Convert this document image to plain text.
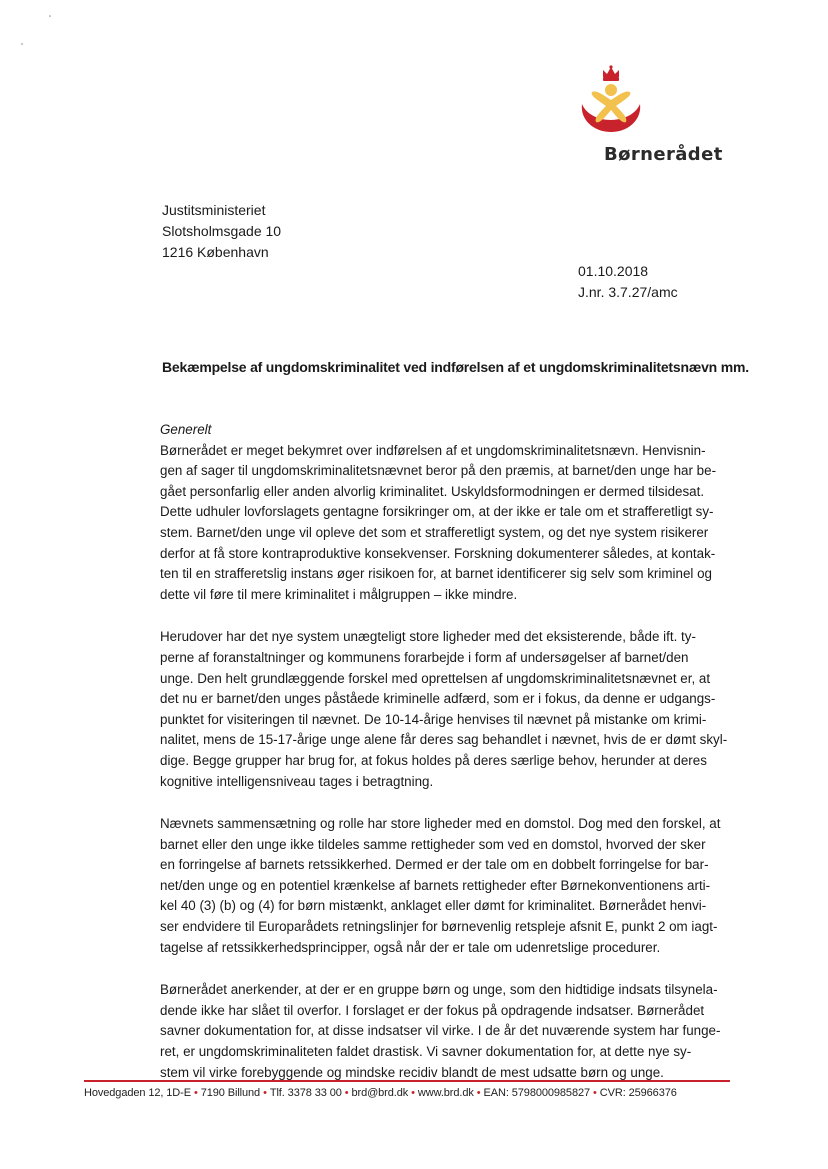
Børnerådet
Justitsministeriet
Slotsholmsgade 10
1216 København
01.10.2018
J.nr. 3.7.27/amc
Bekæmpelse af ungdomskriminalitet ved indførelsen af et ungdomskriminalitetsnævn mm.

Generelt

Børnerådet er meget bekymret over indførelsen af et ungdomskriminalitetsnævn. Henvisnin-
gen af sager til ungdomskriminalitetsnævnet beror på den præmis, at barnet/den unge har be-
gået personfarlig eller anden alvorlig kriminalitet. Uskyldsformodningen er dermed tilsidesat.
Dette udhuler lovforslagets gentagne forsikringer om, at der ikke er tale om et strafferetligt sy-
stem. Barnet/den unge vil opleve det som et strafferetligt system, og det nye system risikerer
derfor at få store kontraproduktive konsekvenser. Forskning dokumenterer således, at kontak-
ten til en strafferetslig instans øger risikoen for, at barnet identificerer sig selv som kriminel og
dette vil føre til mere kriminalitet i målgruppen – ikke mindre.

Herudover har det nye system unægteligt store ligheder med det eksisterende, både ift. ty-
perne af foranstaltninger og kommunens forarbejde i form af undersøgelser af barnet/den
unge. Den helt grundlæggende forskel med oprettelsen af ungdomskriminalitetsnævnet er, at
det nu er barnet/den unges påståede kriminelle adfærd, som er i fokus, da denne er udgangs-
punktet for visiteringen til nævnet. De 10-14-årige henvises til nævnet på mistanke om krimi-
nalitet, mens de 15-17-årige unge alene får deres sag behandlet i nævnet, hvis de er dømt skyl-
dige. Begge grupper har brug for, at fokus holdes på deres særlige behov, herunder at deres
kognitive intelligensniveau tages i betragtning.

Nævnets sammensætning og rolle har store ligheder med en domstol. Dog med den forskel, at
barnet eller den unge ikke tildeles samme rettigheder som ved en domstol, hvorved der sker
en forringelse af barnets retssikkerhed. Dermed er der tale om en dobbelt forringelse for bar-
net/den unge og en potentiel krænkelse af barnets rettigheder efter Børnekonventionens arti-
kel 40 (3) (b) og (4) for børn mistænkt, anklaget eller dømt for kriminalitet. Børnerådet henvi-
ser endvidere til Europarådets retningslinjer for børnevenlig retspleje afsnit E, punkt 2 om iagt-
tagelse af retssikkerhedsprincipper, også når der er tale om udenretslige procedurer.

Børnerådet anerkender, at der er en gruppe børn og unge, som den hidtidige indsats tilsynela-
dende ikke har slået til overfor. I forslaget er der fokus på opdragende indsatser. Børnerådet
savner dokumentation for, at disse indsatser vil virke. I de år det nuværende system har funge-
ret, er ungdomskriminaliteten faldet drastisk. Vi savner dokumentation for, at dette nye sy-
stem vil virke forebyggende og mindske recidiv blandt de mest udsatte børn og unge.

Hovedgaden 12, 1D-E • 7190 Billund • Tlf. 3378 33 00 • brd@brd.dk • www.brd.dk • EAN: 5798000985827 • CVR: 25966376
